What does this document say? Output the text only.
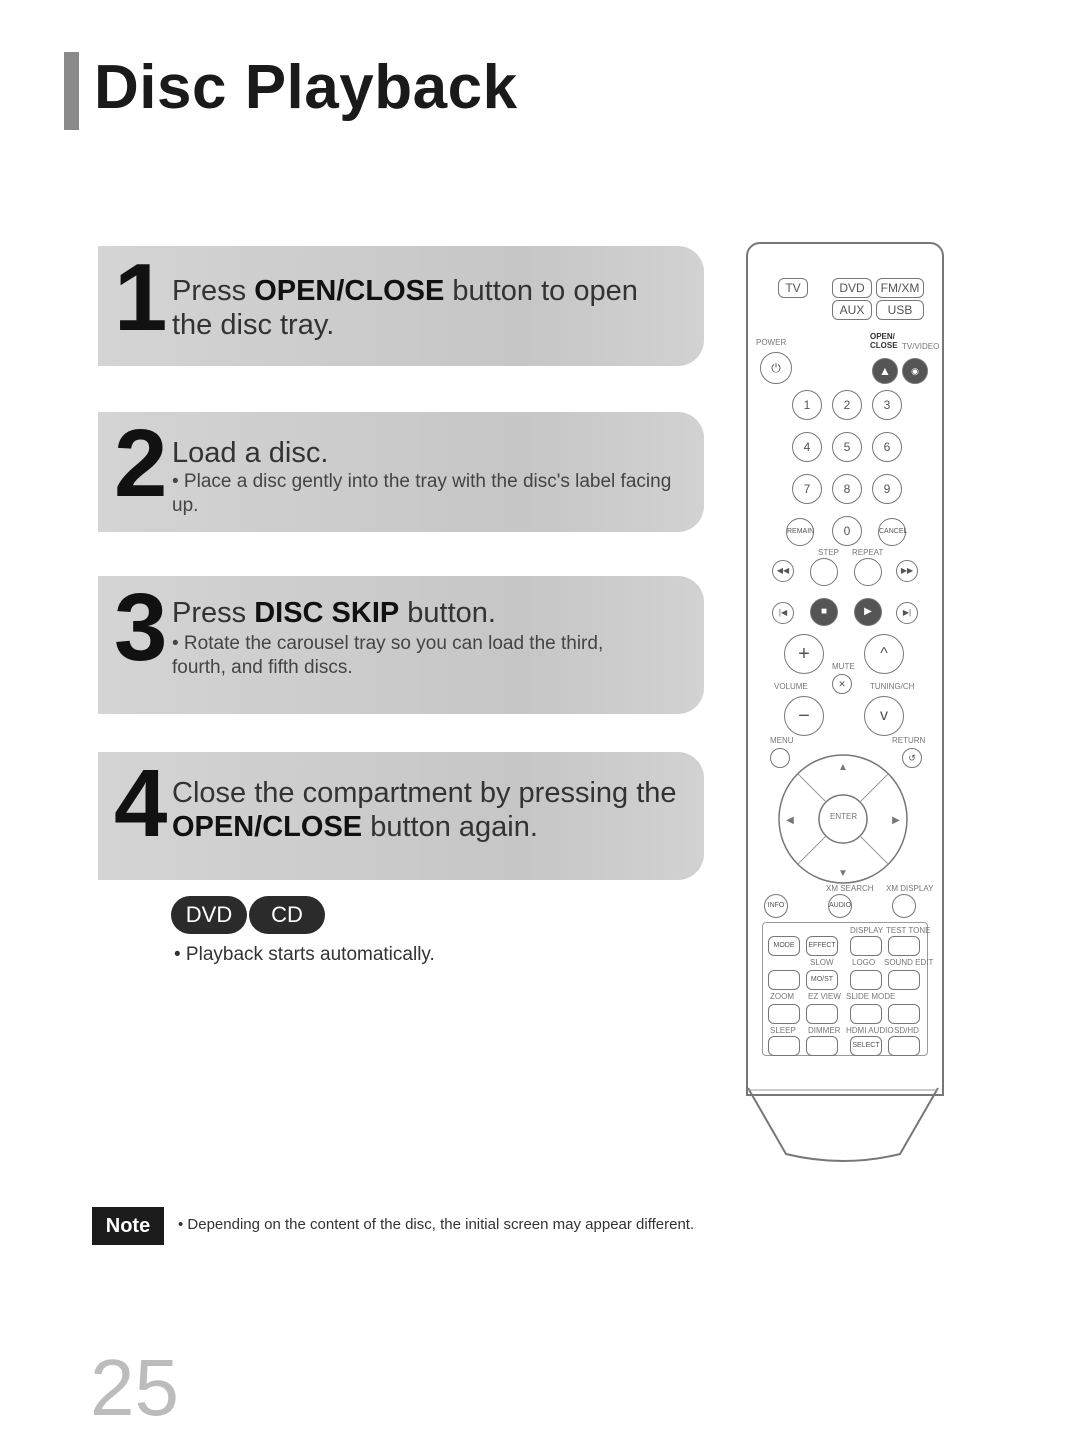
Disc Playback
1 Press OPEN/CLOSE button to open the disc tray.
2 Load a disc.
• Place a disc gently into the tray with the disc's label facing up.
3 Press DISC SKIP button.
• Rotate the carousel tray so you can load the third, fourth, and fifth discs.
4 Close the compartment by pressing the
OPEN/CLOSE button again.
DVD CD
• Playback starts automatically.
TV	DVD	FM/XM
AUX	USB
POWER
OPEN/ CLOSE TV/VIDEO
⏻	▲	◉
1	2	3
4	5	6
7	8	9
REMAIN	0	CANCEL
STEP REPEAT
◀◀	▶▶
|◀	■	▶	▶|
+	^
MUTE
VOLUME	✕	TUNING/CH
−	v
MENU	RETURN
↺
▲
▼
◀	▶
ENTER
XM SEARCH XM DISPLAY
INFO	AUDIO
DISPLAY TEST TONE
MODE	EFFECT
SLOW LOGO SOUND EDIT
MO/ST
ZOOM EZ VIEW SLIDE MODE
SLEEP DIMMER HDMI AUDIO SD/HD
SELECT
Note	• Depending on the content of the disc, the initial screen may appear different.
25
